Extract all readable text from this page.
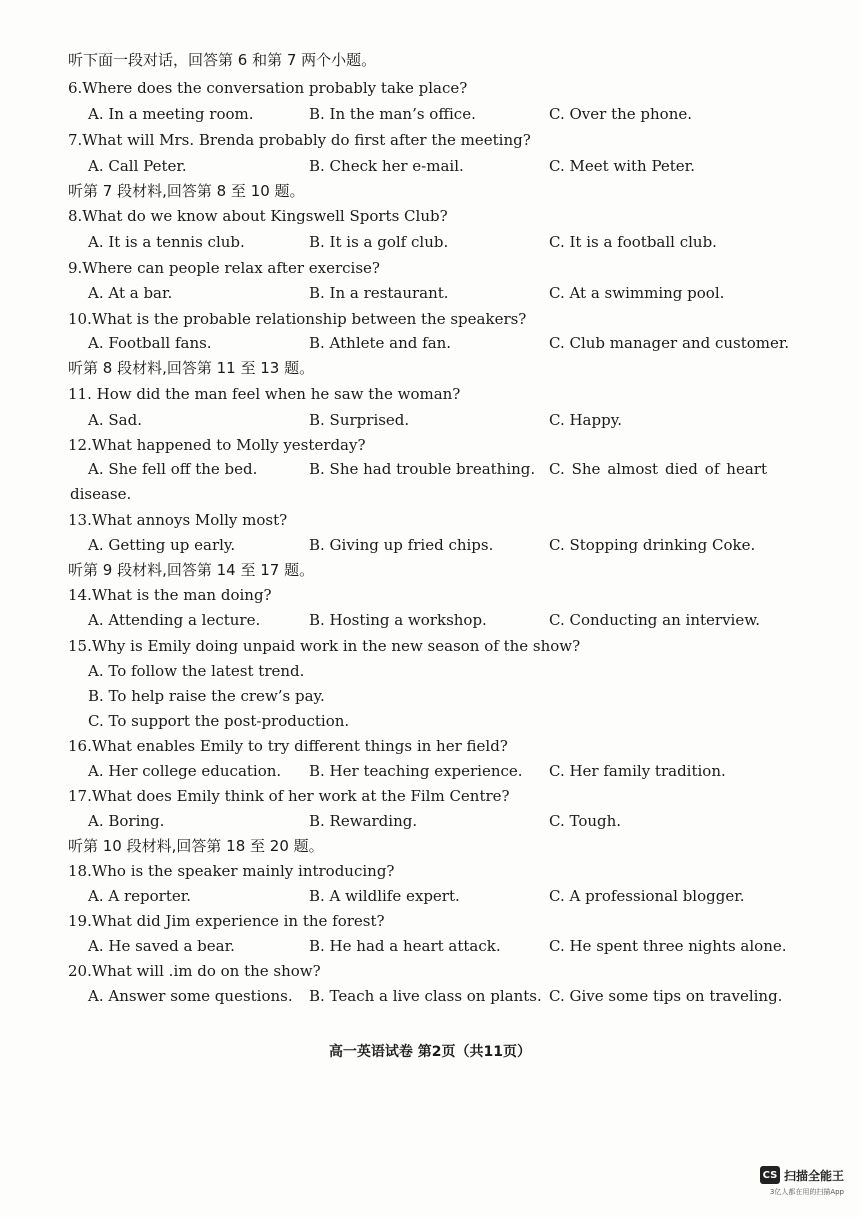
听下面一段对话，回答第 6 和第 7 两个小题。
6.Where does the conversation probably take place?
A. In a meeting room.	B. In the man’s office.	C. Over the phone.
7.What will Mrs. Brenda probably do first after the meeting?
A. Call Peter.	B. Check her e-mail.	C. Meet with Peter.
听第 7 段材料,回答第 8 至 10 题。
8.What do we know about Kingswell Sports Club?
A. It is a tennis club.	B. It is a golf club.	C. It is a football club.
9.Where can people relax after exercise?
A. At a bar.	B. In a restaurant.	C. At a swimming pool.
10.What is the probable relationship between the speakers?
A. Football fans.	B. Athlete and fan.	C. Club manager and customer.
听第 8 段材料,回答第 11 至 13 题。
11. How did the man feel when he saw the woman?
A. Sad.	B. Surprised.	C. Happy.
12.What happened to Molly yesterday?
A. She fell off the bed.	B. She had trouble breathing. C. She almost died of heart
disease.
13.What annoys Molly most?
A. Getting up early.	B. Giving up fried chips.	C. Stopping drinking Coke.
听第 9 段材料,回答第 14 至 17 题。
14.What is the man doing?
A. Attending a lecture.	B. Hosting a workshop.	C. Conducting an interview.
15.Why is Emily doing unpaid work in the new season of the show?
A. To follow the latest trend.
B. To help raise the crew’s pay.
C. To support the post-production.
16.What enables Emily to try different things in her field?
A. Her college education. B. Her teaching experience. C. Her family tradition.
17.What does Emily think of her work at the Film Centre?
A. Boring.	B. Rewarding.	C. Tough.
听第 10 段材料,回答第 18 至 20 题。
18.Who is the speaker mainly introducing?
A. A reporter.	B. A wildlife expert.	C. A professional blogger.
19.What did Jim experience in the forest?
A. He saved a bear.	B. He had a heart attack.	C. He spent three nights alone.
20.What will .im do on the show?
A. Answer some questions. B. Teach a live class on plants. C. Give some tips on traveling.
高一英语试卷 第2页（共11页）
CS 扫描全能王
3亿人都在用的扫描App
